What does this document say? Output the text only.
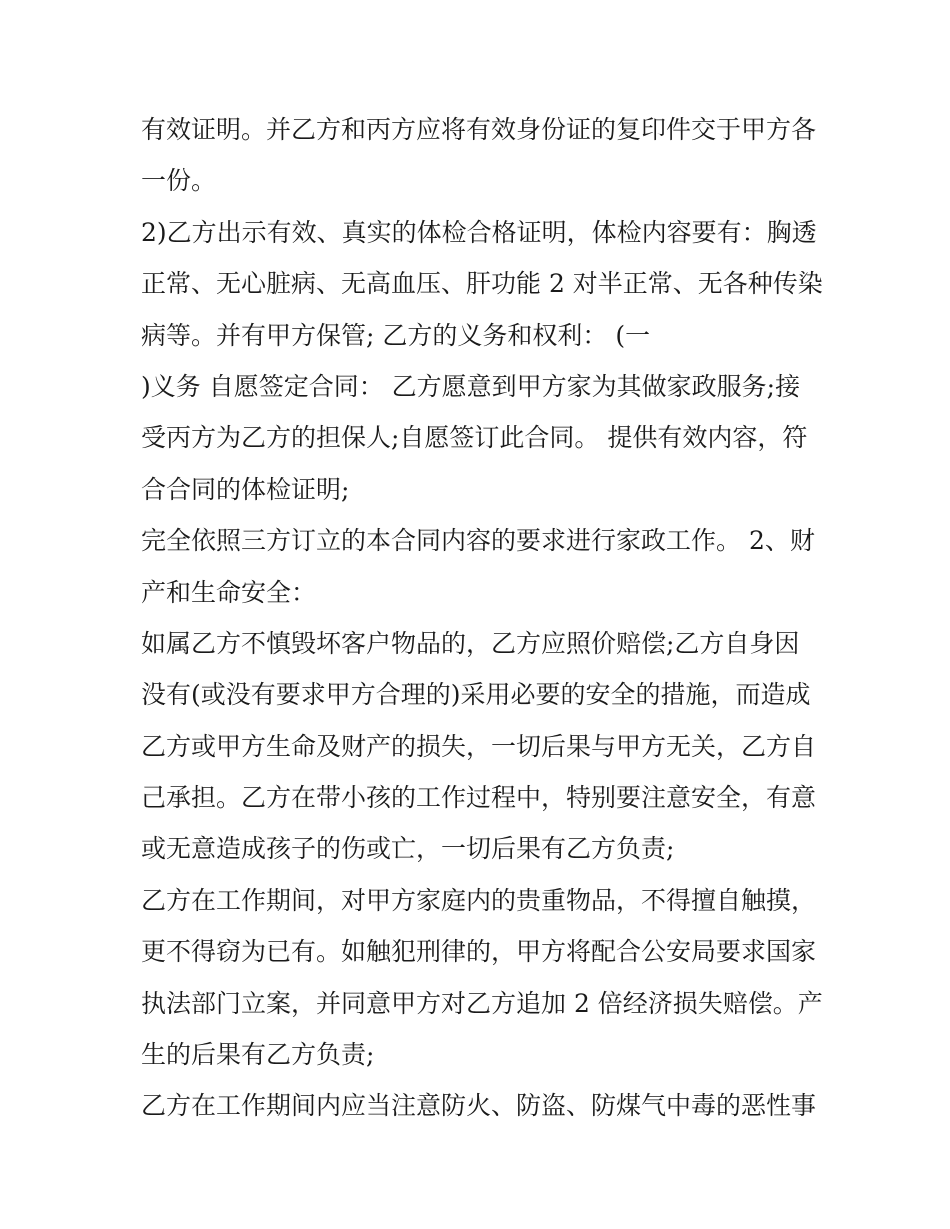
有效证明。并乙方和丙方应将有效身份证的复印件交于甲方各
一份。
2)乙方出示有效、真实的体检合格证明，体检内容要有：胸透
正常、无心脏病、无高血压、肝功能 2 对半正常、无各种传染
病等。并有甲方保管; 乙方的义务和权利： (一
)义务 自愿签定合同： 乙方愿意到甲方家为其做家政服务;接
受丙方为乙方的担保人;自愿签订此合同。 提供有效内容，符
合合同的体检证明;
完全依照三方订立的本合同内容的要求进行家政工作。 2、财
产和生命安全：
如属乙方不慎毁坏客户物品的，乙方应照价赔偿;乙方自身因
没有(或没有要求甲方合理的)采用必要的安全的措施，而造成
乙方或甲方生命及财产的损失，一切后果与甲方无关，乙方自
己承担。乙方在带小孩的工作过程中，特别要注意安全，有意
或无意造成孩子的伤或亡，一切后果有乙方负责;
乙方在工作期间，对甲方家庭内的贵重物品，不得擅自触摸，
更不得窃为已有。如触犯刑律的，甲方将配合公安局要求国家
执法部门立案，并同意甲方对乙方追加 2 倍经济损失赔偿。产
生的后果有乙方负责;
乙方在工作期间内应当注意防火、防盗、防煤气中毒的恶性事
